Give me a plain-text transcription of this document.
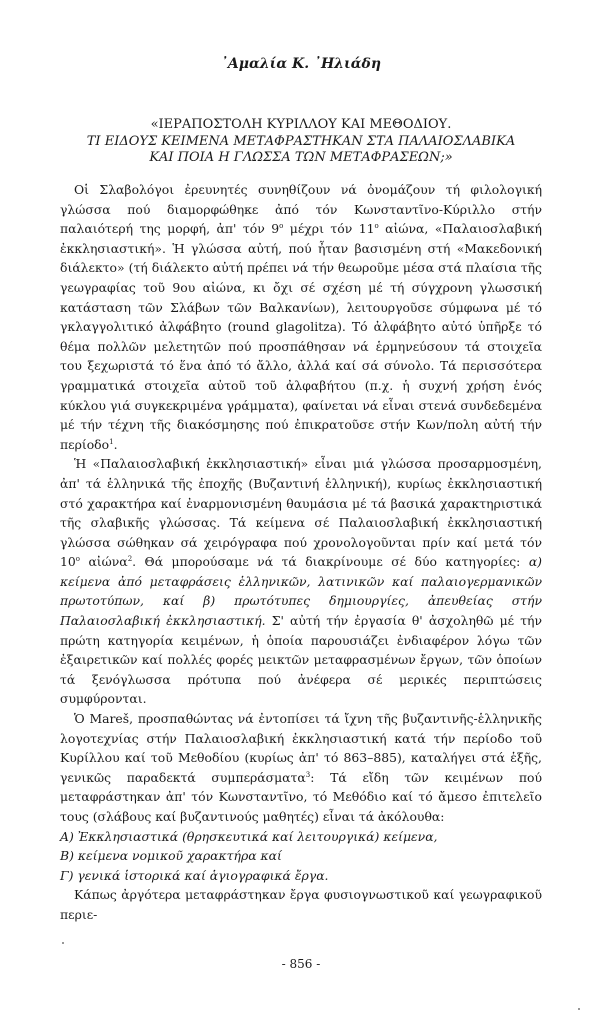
᾿Αμαλία Κ. ᾿Ηλιάδη
«ΙΕΡΑΠΟΣΤΟΛΗ ΚΥΡΙΛΛΟΥ ΚΑΙ ΜΕΘΟΔΙΟΥ.
ΤΙ ΕΙΔΟΥΣ ΚΕΙΜΕΝΑ ΜΕΤΑΦΡΑΣΤΗΚΑΝ ΣΤΑ ΠΑΛΑΙΟΣΛΑΒΙΚΑ
ΚΑΙ ΠΟΙΑ Η ΓΛΩΣΣΑ ΤΩΝ ΜΕΤΑΦΡΑΣΕΩΝ;»

Οἱ Σλαβολόγοι ἐρευνητές συνηθίζουν νά ὀνομάζουν τή φιλολογική γλώσσα πού διαμορφώθηκε ἀπό τόν Κωνσταντῖνο-Κύριλλο στήν παλαιότερή της μορφή, ἀπ' τόν $9^o$ μέχρι τόν $11^o$ αἰώνα, «Παλαιοσλαβική ἐκκλησιαστική». Ἡ γλώσσα αὐτή, πού ἦταν βασισμένη στή «Μακεδονική διάλεκτο» (τή διάλεκτο αὐτή πρέπει νά τήν θεωροῦμε μέσα στά πλαίσια τῆς γεωγραφίας τοῦ 9ου αἰώνα, κι ὄχι σέ σχέση μέ τή σύγχρονη γλωσσική κατάσταση τῶν Σλάβων τῶν Βαλκανίων), λειτουργοῦσε σύμφωνα μέ τό γκλαγγολιτικό ἀλφάβητο (round glagolitza). Τό ἀλφάβητο αὐτό ὑπῆρξε τό θέμα πολλῶν μελετητῶν πού προσπάθησαν νά ἑρμηνεύσουν τά στοιχεῖα του ξεχωριστά τό ἕνα ἀπό τό ἄλλο, ἀλλά καί σά σύνολο. Τά περισσότερα γραμματικά στοιχεῖα αὐτοῦ τοῦ ἀλφαβήτου (π.χ. ἡ συχνή χρήση ἑνός κύκλου γιά συγκεκριμένα γράμματα), φαίνεται νά εἶναι στενά συνδεδεμένα μέ τήν τέχνη τῆς διακόσμησης πού ἐπικρατοῦσε στήν Κων/πολη αὐτή τήν περίοδο$^1$.

Ἡ «Παλαιοσλαβική ἐκκλησιαστική» εἶναι μιά γλώσσα προσαρμοσμένη, ἀπ' τά ἑλληνικά τῆς ἐποχῆς (Βυζαντινή ἑλληνική), κυρίως ἐκκλησιαστική στό χαρακτήρα καί ἐναρμονισμένη θαυμάσια μέ τά βασικά χαρακτηριστικά τῆς σλαβικῆς γλώσσας. Τά κείμενα σέ Παλαιοσλαβική ἐκκλησιαστική γλώσσα σώθηκαν σά χειρόγραφα πού χρονολογοῦνται πρίν καί μετά τόν $10^o$ αἰώνα$^2$. Θά μπορούσαμε νά τά διακρίνουμε σέ δύο κατηγορίες: α) κείμενα ἀπό μεταφράσεις ἑλληνικῶν, λατινικῶν καί παλαιογερμανικῶν πρωτοτύπων, καί β) πρωτότυπες δημιουργίες, ἀπευθείας στήν Παλαιοσλαβική ἐκκλησιαστική. Σ' αὐτή τήν ἐργασία θ' ἀσχοληθῶ μέ τήν πρώτη κατηγορία κειμένων, ἡ ὁποία παρουσιάζει ἐνδιαφέρον λόγω τῶν ἐξαιρετικῶν καί πολλές φορές μεικτῶν μεταφρασμένων ἔργων, τῶν ὁποίων τά ξενόγλωσσα πρότυπα πού ἀνέφερα σέ μερικές περιπτώσεις συμφύρονται.

Ὁ Mareš, προσπαθώντας νά ἐντοπίσει τά ἴχνη τῆς βυζαντινῆς-ἑλληνικῆς λογοτεχνίας στήν Παλαιοσλαβική ἐκκλησιαστική κατά τήν περίοδο τοῦ Κυρίλλου καί τοῦ Μεθοδίου (κυρίως ἀπ' τό 863–885), καταλήγει στά ἑξῆς, γενικῶς παραδεκτά συμπεράσματα$^3$: Τά εἴδη τῶν κειμένων πού μεταφράστηκαν ἀπ' τόν Κωνσταντῖνο, τό Μεθόδιο καί τό ἄμεσο ἐπιτελεῖο τους (σλάβους καί βυζαντινούς μαθητές) εἶναι τά ἀκόλουθα:

Α) Ἐκκλησιαστικά (θρησκευτικά καί λειτουργικά) κείμενα,

Β) κείμενα νομικοῦ χαρακτήρα καί

Γ) γενικά ἱστορικά καί ἁγιογραφικά ἔργα.

Κάπως ἀργότερα μεταφράστηκαν ἔργα φυσιογνωστικοῦ καί γεωγραφικοῦ περιε-

- 856 -
